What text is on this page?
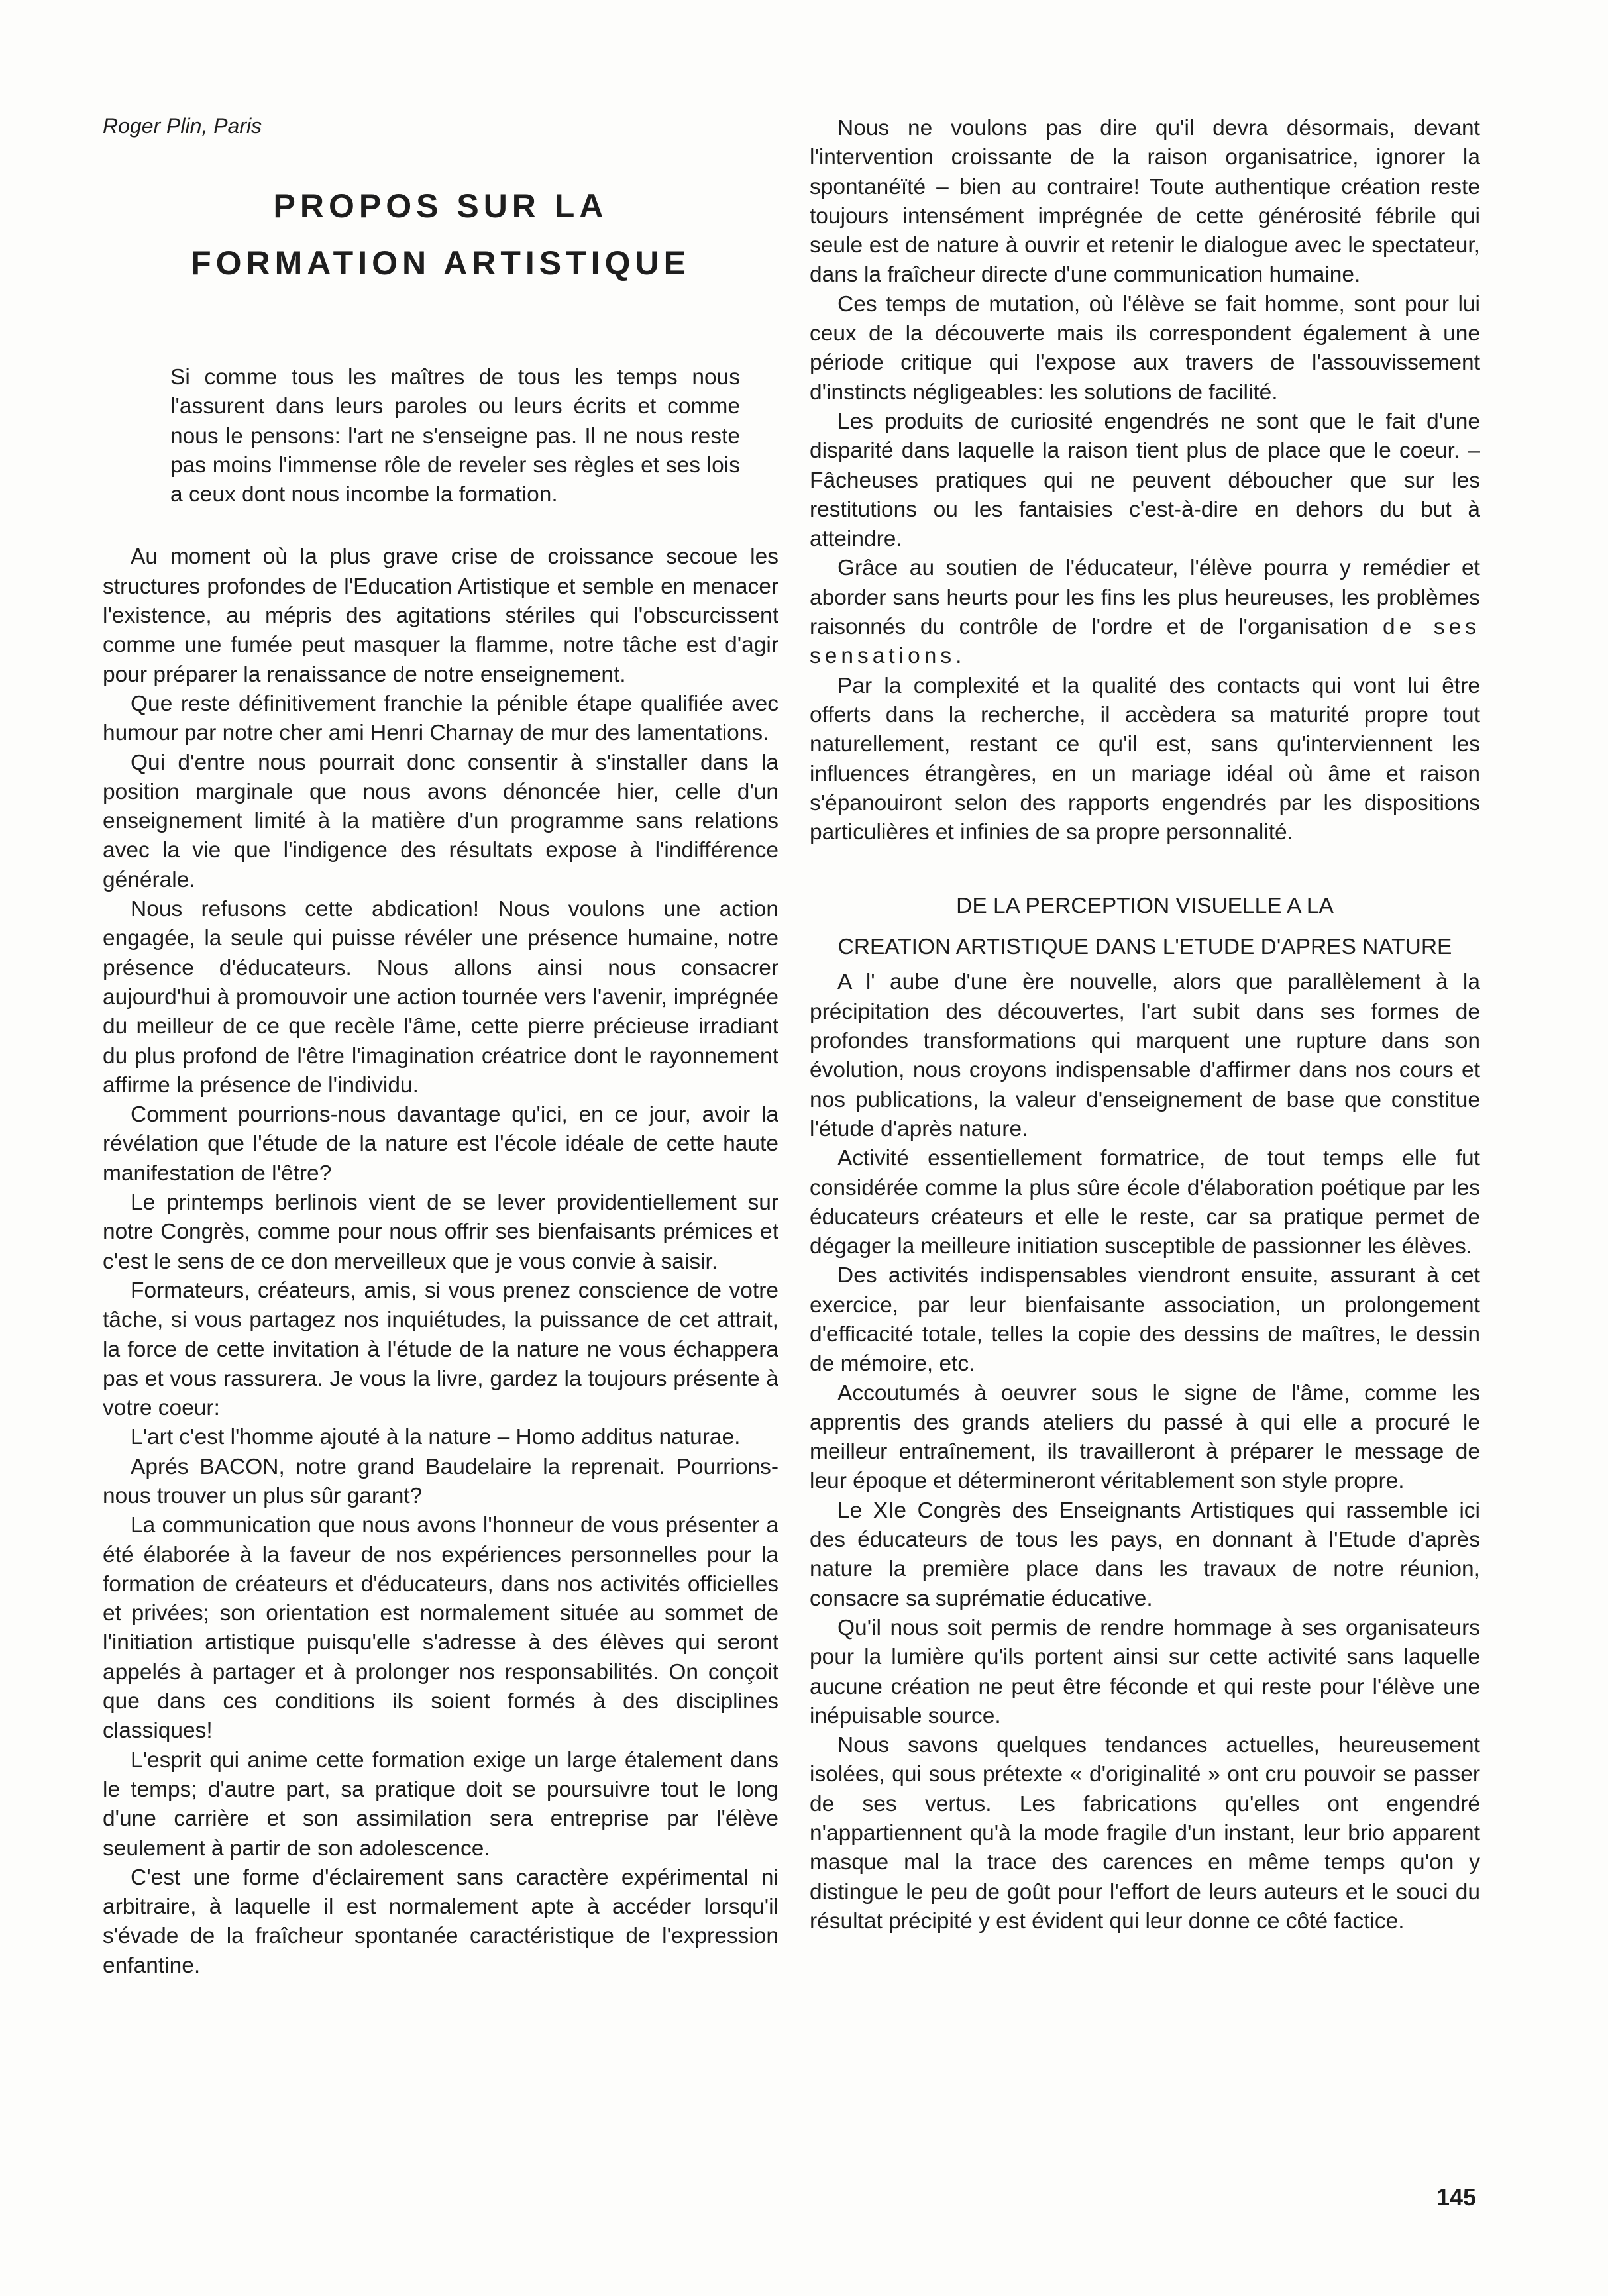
Roger Plin, Paris

PROPOS SUR LA
FORMATION ARTISTIQUE

Si comme tous les maîtres de tous les temps nous l'assurent dans leurs paroles ou leurs écrits et comme nous le pensons: l'art ne s'enseigne pas. Il ne nous reste pas moins l'immense rôle de reveler ses règles et ses lois a ceux dont nous incombe la formation.

Au moment où la plus grave crise de croissance secoue les structures profondes de l'Education Artistique et semble en menacer l'existence, au mépris des agitations stériles qui l'obscurcissent comme une fumée peut masquer la flamme, notre tâche est d'agir pour préparer la renaissance de notre enseignement.

Que reste définitivement franchie la pénible étape qualifiée avec humour par notre cher ami Henri Charnay de mur des lamentations.

Qui d'entre nous pourrait donc consentir à s'installer dans la position marginale que nous avons dénoncée hier, celle d'un enseignement limité à la matière d'un programme sans relations avec la vie que l'indigence des résultats expose à l'indifférence générale.

Nous refusons cette abdication! Nous voulons une action engagée, la seule qui puisse révéler une présence humaine, notre présence d'éducateurs. Nous allons ainsi nous consacrer aujourd'hui à promouvoir une action tournée vers l'avenir, imprégnée du meilleur de ce que recèle l'âme, cette pierre précieuse irradiant du plus profond de l'être l'imagination créatrice dont le rayonnement affirme la présence de l'individu.

Comment pourrions-nous davantage qu'ici, en ce jour, avoir la révélation que l'étude de la nature est l'école idéale de cette haute manifestation de l'être?

Le printemps berlinois vient de se lever providentiellement sur notre Congrès, comme pour nous offrir ses bienfaisants prémices et c'est le sens de ce don merveilleux que je vous convie à saisir.

Formateurs, créateurs, amis, si vous prenez conscience de votre tâche, si vous partagez nos inquiétudes, la puissance de cet attrait, la force de cette invitation à l'étude de la nature ne vous échappera pas et vous rassurera. Je vous la livre, gardez la toujours présente à votre coeur:

L'art c'est l'homme ajouté à la nature – Homo additus naturae.

Aprés BACON, notre grand Baudelaire la reprenait. Pourrions-nous trouver un plus sûr garant?

La communication que nous avons l'honneur de vous présenter a été élaborée à la faveur de nos expériences personnelles pour la formation de créateurs et d'éducateurs, dans nos activités officielles et privées; son orientation est normalement située au sommet de l'initiation artistique puisqu'elle s'adresse à des élèves qui seront appelés à partager et à prolonger nos responsabilités. On conçoit que dans ces conditions ils soient formés à des disciplines classiques!

L'esprit qui anime cette formation exige un large étalement dans le temps; d'autre part, sa pratique doit se poursuivre tout le long d'une carrière et son assimilation sera entreprise par l'élève seulement à partir de son adolescence.

C'est une forme d'éclairement sans caractère expérimental ni arbitraire, à laquelle il est normalement apte à accéder lorsqu'il s'évade de la fraîcheur spontanée caractéristique de l'expression enfantine.

Nous ne voulons pas dire qu'il devra désormais, devant l'intervention croissante de la raison organisatrice, ignorer la spontanéïté – bien au contraire! Toute authentique création reste toujours intensément imprégnée de cette générosité fébrile qui seule est de nature à ouvrir et retenir le dialogue avec le spectateur, dans la fraîcheur directe d'une communication humaine.

Ces temps de mutation, où l'élève se fait homme, sont pour lui ceux de la découverte mais ils correspondent également à une période critique qui l'expose aux travers de l'assouvissement d'instincts négligeables: les solutions de facilité.

Les produits de curiosité engendrés ne sont que le fait d'une disparité dans laquelle la raison tient plus de place que le coeur. – Fâcheuses pratiques qui ne peuvent déboucher que sur les restitutions ou les fantaisies c'est-à-dire en dehors du but à atteindre.

Grâce au soutien de l'éducateur, l'élève pourra y remédier et aborder sans heurts pour les fins les plus heureuses, les problèmes raisonnés du contrôle de l'ordre et de l'organisation de ses sensations.

Par la complexité et la qualité des contacts qui vont lui être offerts dans la recherche, il accèdera sa maturité propre tout naturellement, restant ce qu'il est, sans qu'interviennent les influences étrangères, en un mariage idéal où âme et raison s'épanouiront selon des rapports engendrés par les dispositions particulières et infinies de sa propre personnalité.

DE LA PERCEPTION VISUELLE A LA

CREATION ARTISTIQUE DANS L'ETUDE D'APRES NATURE

A l' aube d'une ère nouvelle, alors que parallèlement à la précipitation des découvertes, l'art subit dans ses formes de profondes transformations qui marquent une rupture dans son évolution, nous croyons indispensable d'affirmer dans nos cours et nos publications, la valeur d'enseignement de base que constitue l'étude d'après nature.

Activité essentiellement formatrice, de tout temps elle fut considérée comme la plus sûre école d'élaboration poétique par les éducateurs créateurs et elle le reste, car sa pratique permet de dégager la meilleure initiation susceptible de passionner les élèves.

Des activités indispensables viendront ensuite, assurant à cet exercice, par leur bienfaisante association, un prolongement d'efficacité totale, telles la copie des dessins de maîtres, le dessin de mémoire, etc.

Accoutumés à oeuvrer sous le signe de l'âme, comme les apprentis des grands ateliers du passé à qui elle a procuré le meilleur entraînement, ils travailleront à préparer le message de leur époque et détermineront véritablement son style propre.

Le XIe Congrès des Enseignants Artistiques qui rassemble ici des éducateurs de tous les pays, en donnant à l'Etude d'après nature la première place dans les travaux de notre réunion, consacre sa suprématie éducative.

Qu'il nous soit permis de rendre hommage à ses organisateurs pour la lumière qu'ils portent ainsi sur cette activité sans laquelle aucune création ne peut être féconde et qui reste pour l'élève une inépuisable source.

Nous savons quelques tendances actuelles, heureusement isolées, qui sous prétexte « d'originalité » ont cru pouvoir se passer de ses vertus. Les fabrications qu'elles ont engendré n'appartiennent qu'à la mode fragile d'un instant, leur brio apparent masque mal la trace des carences en même temps qu'on y distingue le peu de goût pour l'effort de leurs auteurs et le souci du résultat précipité y est évident qui leur donne ce côté factice.

145
